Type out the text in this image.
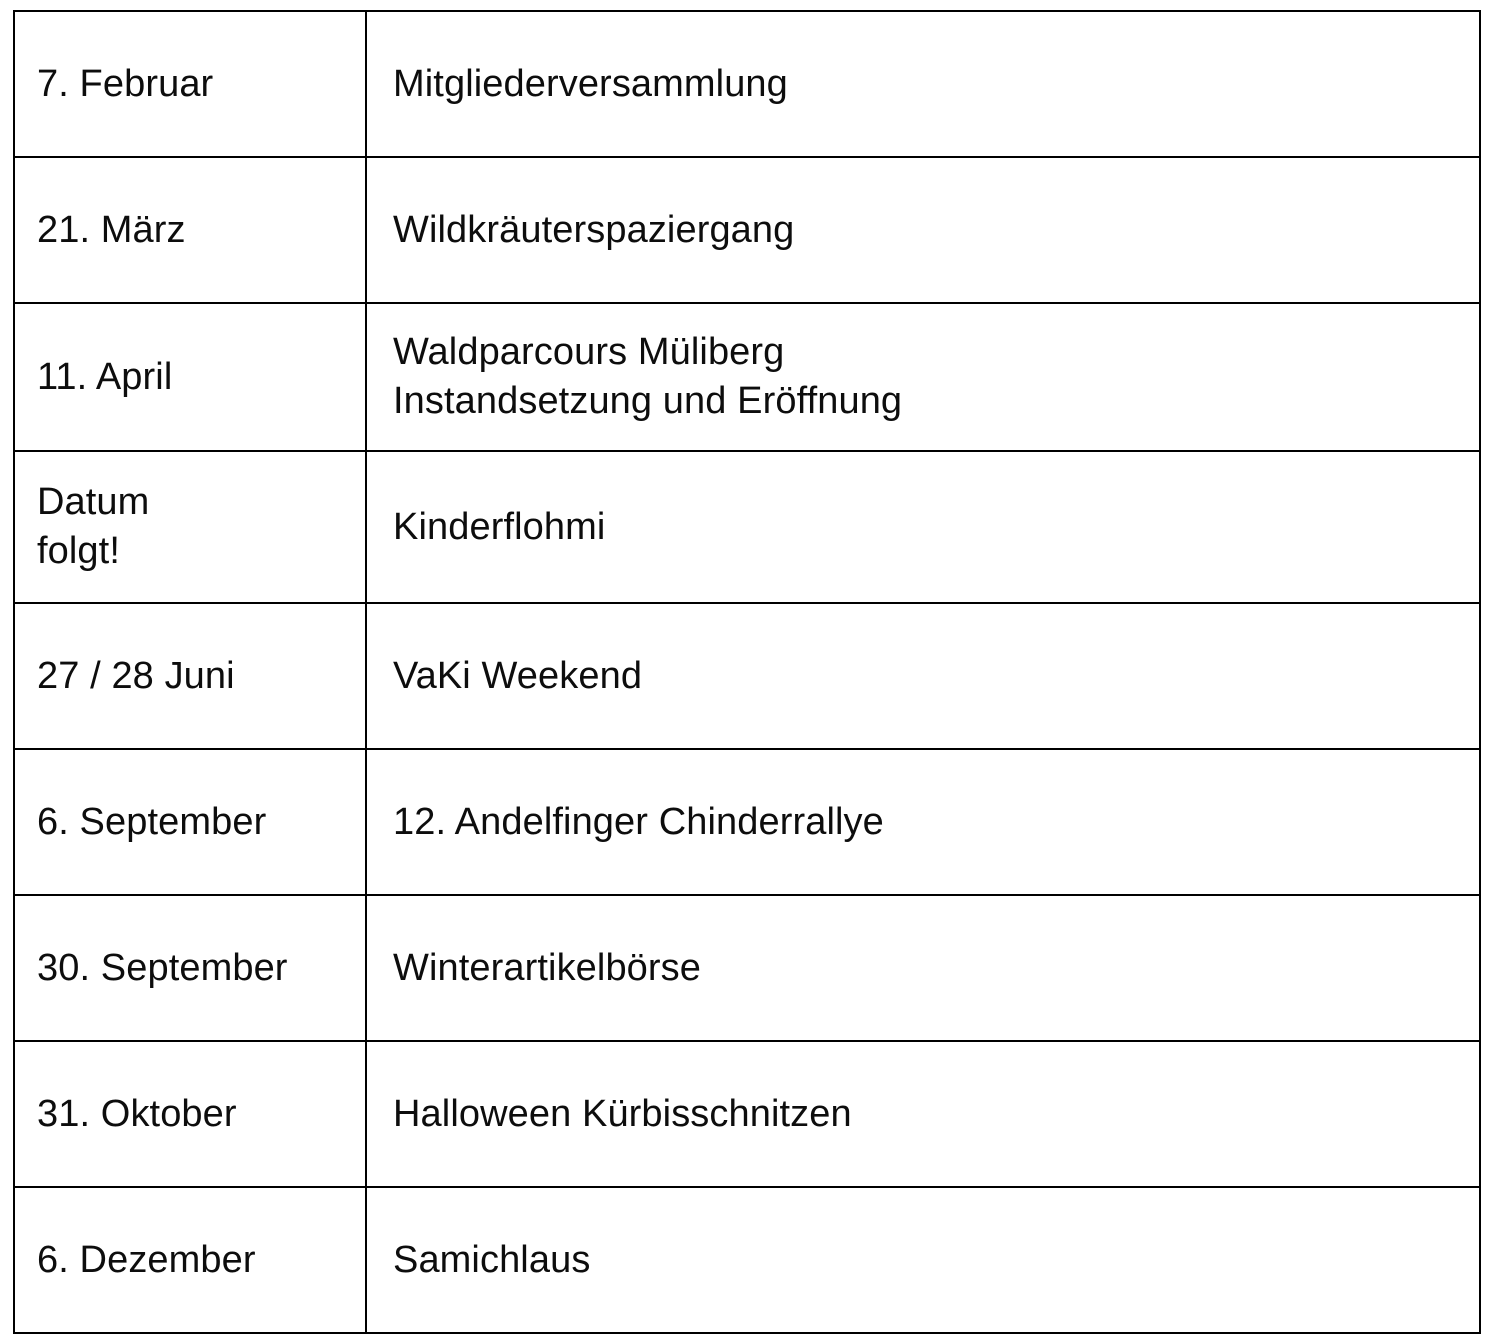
7. Februar	Mitgliederversammlung
21. März	Wildkräuterspaziergang
11. April	Waldparcours Müliberg
Instandsetzung und Eröffnung

Datum
folgt!	Kinderflohmi
27 / 28 Juni	VaKi Weekend
6. September	12. Andelfinger Chinderrallye
30. September	Winterartikelbörse
31. Oktober	Halloween Kürbisschnitzen
6. Dezember	Samichlaus
